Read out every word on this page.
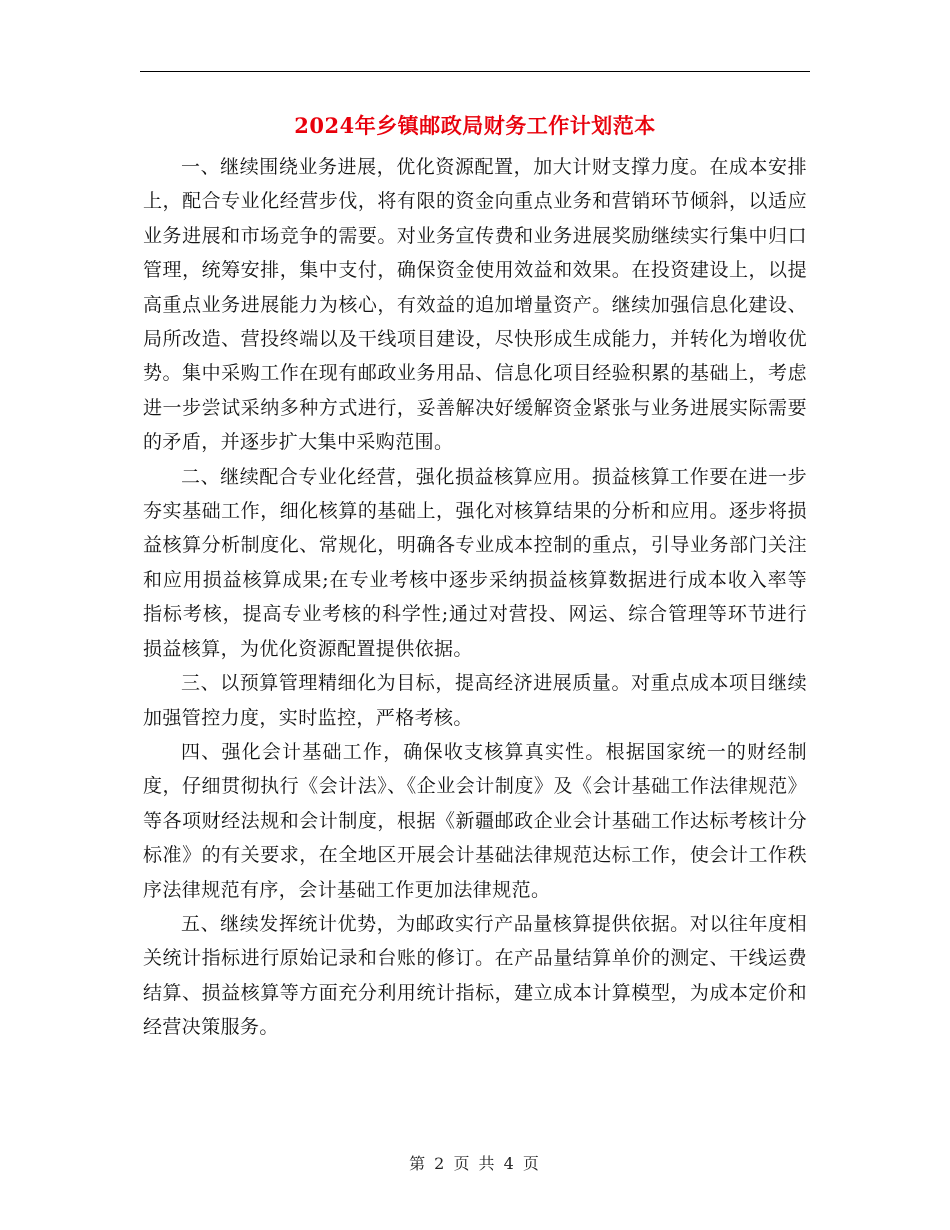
2024年乡镇邮政局财务工作计划范本

一、继续围绕业务进展，优化资源配置，加大计财支撑力度。在成本安排上，配合专业化经营步伐，将有限的资金向重点业务和营销环节倾斜，以适应业务进展和市场竞争的需要。对业务宣传费和业务进展奖励继续实行集中归口管理，统筹安排，集中支付，确保资金使用效益和效果。在投资建设上，以提高重点业务进展能力为核心，有效益的追加增量资产。继续加强信息化建设、局所改造、营投终端以及干线项目建设，尽快形成生成能力，并转化为增收优势。集中采购工作在现有邮政业务用品、信息化项目经验积累的基础上，考虑进一步尝试采纳多种方式进行，妥善解决好缓解资金紧张与业务进展实际需要的矛盾，并逐步扩大集中采购范围。

二、继续配合专业化经营，强化损益核算应用。损益核算工作要在进一步夯实基础工作，细化核算的基础上，强化对核算结果的分析和应用。逐步将损益核算分析制度化、常规化，明确各专业成本控制的重点，引导业务部门关注和应用损益核算成果;在专业考核中逐步采纳损益核算数据进行成本收入率等指标考核，提高专业考核的科学性;通过对营投、网运、综合管理等环节进行损益核算，为优化资源配置提供依据。

三、以预算管理精细化为目标，提高经济进展质量。对重点成本项目继续加强管控力度，实时监控，严格考核。

四、强化会计基础工作，确保收支核算真实性。根据国家统一的财经制度，仔细贯彻执行《会计法》、《企业会计制度》及《会计基础工作法律规范》等各项财经法规和会计制度，根据《新疆邮政企业会计基础工作达标考核计分标准》的有关要求，在全地区开展会计基础法律规范达标工作，使会计工作秩序法律规范有序，会计基础工作更加法律规范。

五、继续发挥统计优势，为邮政实行产品量核算提供依据。对以往年度相关统计指标进行原始记录和台账的修订。在产品量结算单价的测定、干线运费结算、损益核算等方面充分利用统计指标，建立成本计算模型，为成本定价和经营决策服务。

第 2 页 共 4 页
